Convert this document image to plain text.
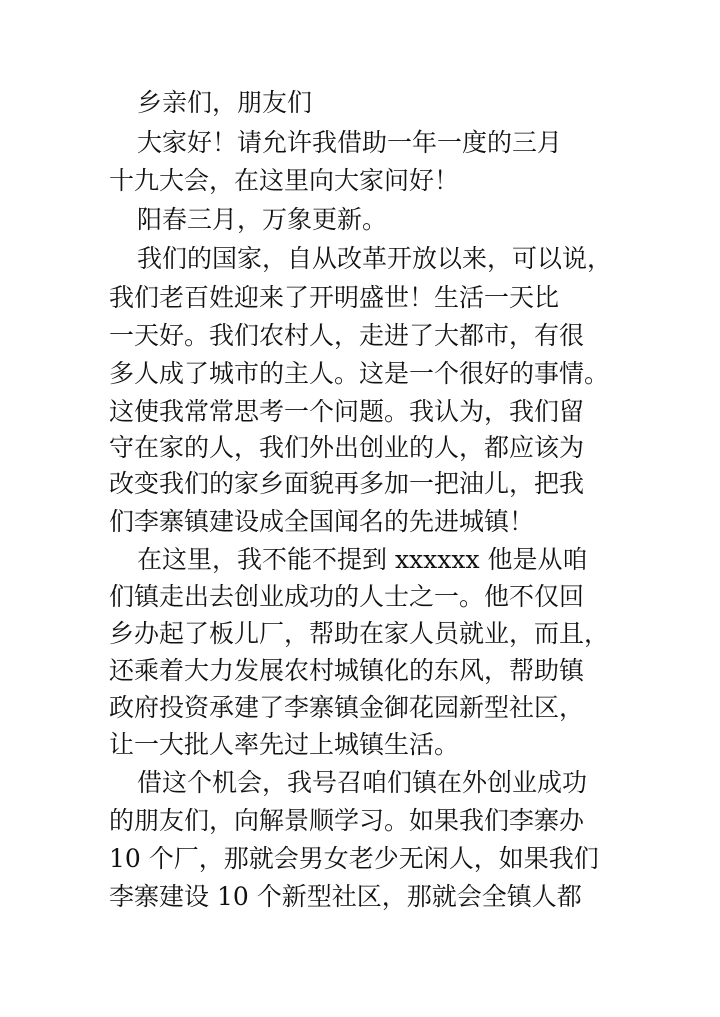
乡亲们，朋友们

大家好！请允许我借助一年一度的三月

十九大会，在这里向大家问好！

阳春三月，万象更新。

我们的国家，自从改革开放以来，可以说，

我们老百姓迎来了开明盛世！生活一天比

一天好。我们农村人，走进了大都市，有很

多人成了城市的主人。这是一个很好的事情。

这使我常常思考一个问题。我认为，我们留

守在家的人，我们外出创业的人，都应该为

改变我们的家乡面貌再多加一把油儿，把我

们李寨镇建设成全国闻名的先进城镇！

在这里，我不能不提到 xxxxxx 他是从咱

们镇走出去创业成功的人士之一。他不仅回

乡办起了板儿厂，帮助在家人员就业，而且，

还乘着大力发展农村城镇化的东风，帮助镇

政府投资承建了李寨镇金御花园新型社区，

让一大批人率先过上城镇生活。

借这个机会，我号召咱们镇在外创业成功

的朋友们，向解景顺学习。如果我们李寨办

10 个厂，那就会男女老少无闲人，如果我们

李寨建设 10 个新型社区，那就会全镇人都
